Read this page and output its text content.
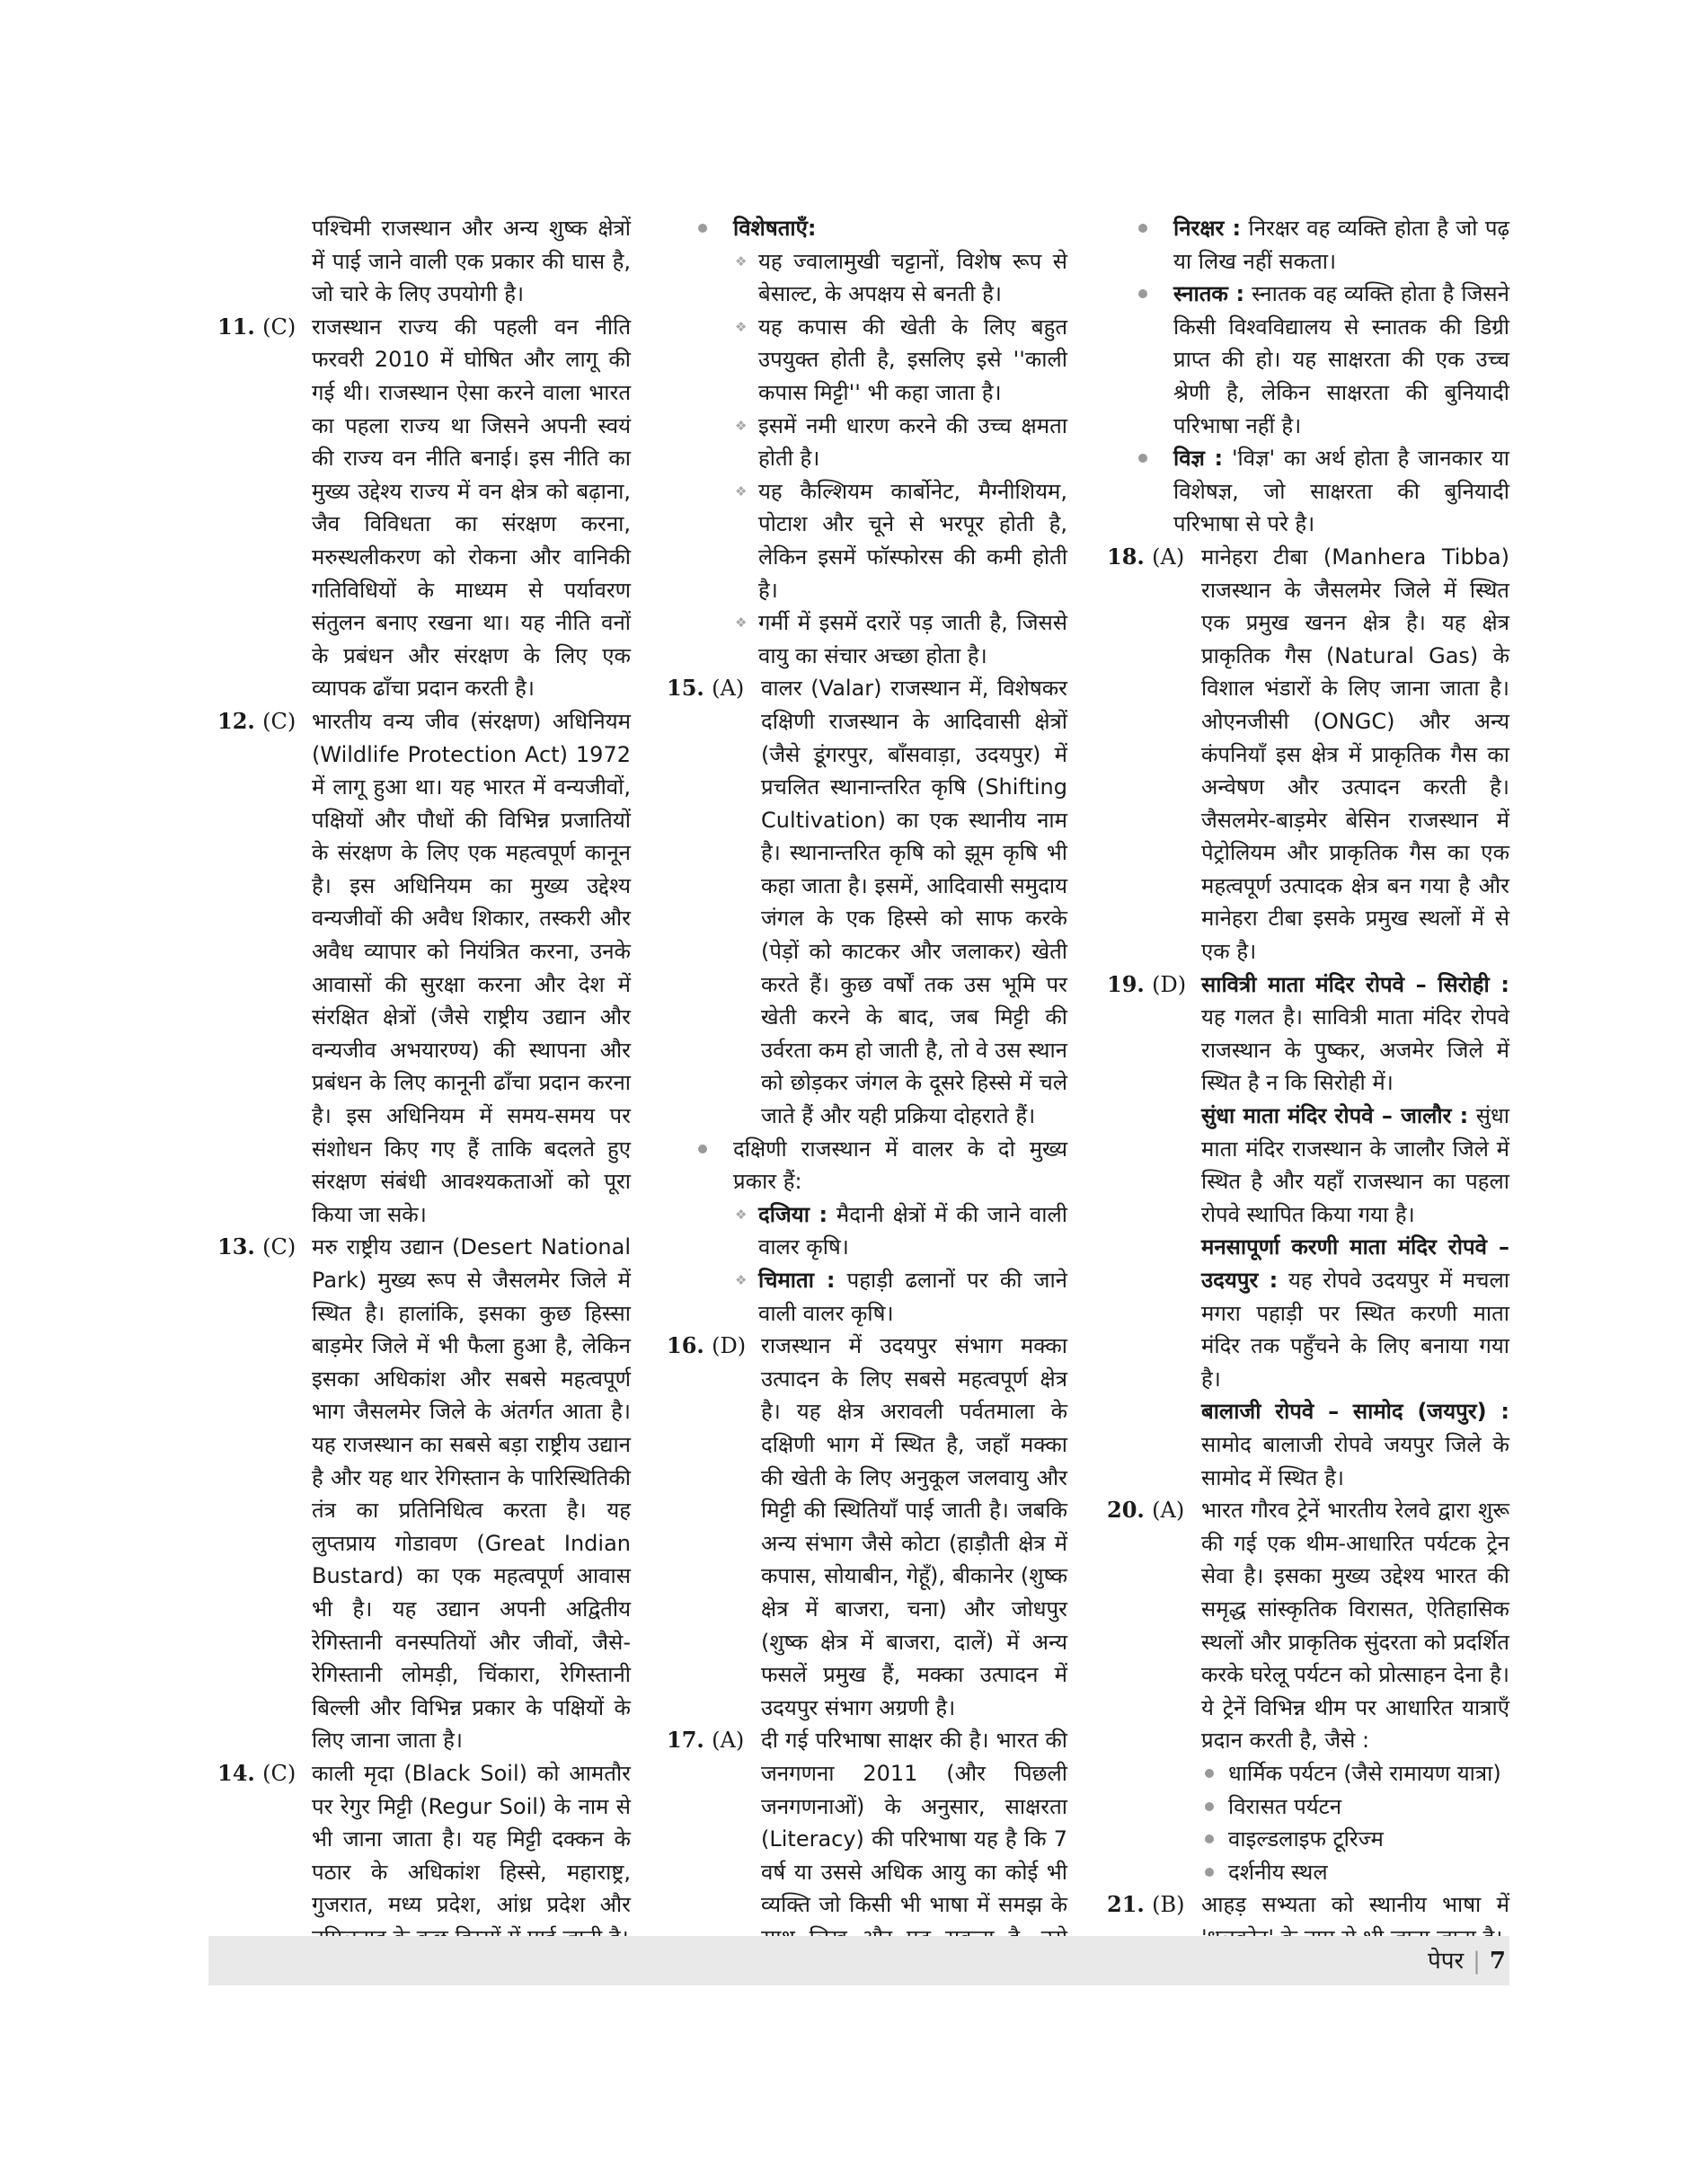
पश्चिमी राजस्थान और अन्य शुष्क क्षेत्रों में पाई जाने वाली एक प्रकार की घास है, जो चारे के लिए उपयोगी है।

11. (C) राजस्थान राज्य की पहली वन नीति फरवरी 2010 में घोषित और लागू की गई थी। राजस्थान ऐसा करने वाला भारत का पहला राज्य था जिसने अपनी स्वयं की राज्य वन नीति बनाई। इस नीति का मुख्य उद्देश्य राज्य में वन क्षेत्र को बढ़ाना, जैव विविधता का संरक्षण करना, मरुस्थलीकरण को रोकना और वानिकी गतिविधियों के माध्यम से पर्यावरण संतुलन बनाए रखना था। यह नीति वनों के प्रबंधन और संरक्षण के लिए एक व्यापक ढाँचा प्रदान करती है।

12. (C) भारतीय वन्य जीव (संरक्षण) अधिनियम (Wildlife Protection Act) 1972 में लागू हुआ था। यह भारत में वन्यजीवों, पक्षियों और पौधों की विभिन्न प्रजातियों के संरक्षण के लिए एक महत्वपूर्ण कानून है। इस अधिनियम का मुख्य उद्देश्य वन्यजीवों की अवैध शिकार, तस्करी और अवैध व्यापार को नियंत्रित करना, उनके आवासों की सुरक्षा करना और देश में संरक्षित क्षेत्रों (जैसे राष्ट्रीय उद्यान और वन्यजीव अभयारण्य) की स्थापना और प्रबंधन के लिए कानूनी ढाँचा प्रदान करना है। इस अधिनियम में समय-समय पर संशोधन किए गए हैं ताकि बदलते हुए संरक्षण संबंधी आवश्यकताओं को पूरा किया जा सके।

13. (C) मरु राष्ट्रीय उद्यान (Desert National Park) मुख्य रूप से जैसलमेर जिले में स्थित है। हालांकि, इसका कुछ हिस्सा बाड़मेर जिले में भी फैला हुआ है, लेकिन इसका अधिकांश और सबसे महत्वपूर्ण भाग जैसलमेर जिले के अंतर्गत आता है। यह राजस्थान का सबसे बड़ा राष्ट्रीय उद्यान है और यह थार रेगिस्तान के पारिस्थितिकी तंत्र का प्रतिनिधित्व करता है। यह लुप्तप्राय गोडावण (Great Indian Bustard) का एक महत्वपूर्ण आवास भी है। यह उद्यान अपनी अद्वितीय रेगिस्तानी वनस्पतियों और जीवों, जैसे-रेगिस्तानी लोमड़ी, चिंकारा, रेगिस्तानी बिल्ली और विभिन्न प्रकार के पक्षियों के लिए जाना जाता है।

14. (C) काली मृदा (Black Soil) को आमतौर पर रेगुर मिट्टी (Regur Soil) के नाम से भी जाना जाता है। यह मिट्टी दक्कन के पठार के अधिकांश हिस्से, महाराष्ट्र, गुजरात, मध्य प्रदेश, आंध्र प्रदेश और

विशेषताएँ:

❖ यह ज्वालामुखी चट्टानों, विशेष रूप से बेसाल्ट, के अपक्षय से बनती है।

❖ यह कपास की खेती के लिए बहुत उपयुक्त होती है, इसलिए इसे ''काली कपास मिट्टी'' भी कहा जाता है।

❖ इसमें नमी धारण करने की उच्च क्षमता होती है।

❖ यह कैल्शियम कार्बोनेट, मैग्नीशियम, पोटाश और चूने से भरपूर होती है, लेकिन इसमें फॉस्फोरस की कमी होती है।

❖ गर्मी में इसमें दरारें पड़ जाती है, जिससे वायु का संचार अच्छा होता है।

15. (A) वालर (Valar) राजस्थान में, विशेषकर दक्षिणी राजस्थान के आदिवासी क्षेत्रों (जैसे डूंगरपुर, बाँसवाड़ा, उदयपुर) में प्रचलित स्थानान्तरित कृषि (Shifting Cultivation) का एक स्थानीय नाम है। स्थानान्तरित कृषि को झूम कृषि भी कहा जाता है। इसमें, आदिवासी समुदाय जंगल के एक हिस्से को साफ करके (पेड़ों को काटकर और जलाकर) खेती करते हैं। कुछ वर्षों तक उस भूमि पर खेती करने के बाद, जब मिट्टी की उर्वरता कम हो जाती है, तो वे उस स्थान को छोड़कर जंगल के दूसरे हिस्से में चले जाते हैं और यही प्रक्रिया दोहराते हैं।

दक्षिणी राजस्थान में वालर के दो मुख्य प्रकार हैं:

❖ दजिया : मैदानी क्षेत्रों में की जाने वाली वालर कृषि।

❖ चिमाता : पहाड़ी ढलानों पर की जाने वाली वालर कृषि।

16. (D) राजस्थान में उदयपुर संभाग मक्का उत्पादन के लिए सबसे महत्वपूर्ण क्षेत्र है। यह क्षेत्र अरावली पर्वतमाला के दक्षिणी भाग में स्थित है, जहाँ मक्का की खेती के लिए अनुकूल जलवायु और मिट्टी की स्थितियाँ पाई जाती है। जबकि अन्य संभाग जैसे कोटा (हाड़ौती क्षेत्र में कपास, सोयाबीन, गेहूँ), बीकानेर (शुष्क क्षेत्र में बाजरा, चना) और जोधपुर (शुष्क क्षेत्र में बाजरा, दालें) में अन्य फसलें प्रमुख हैं, मक्का उत्पादन में उदयपुर संभाग अग्रणी है।

17. (A) दी गई परिभाषा साक्षर की है। भारत की जनगणना 2011 (और पिछली जनगणनाओं) के अनुसार, साक्षरता (Literacy) की परिभाषा यह है कि 7 वर्ष या उससे अधिक आयु का कोई भी व्यक्ति जो किसी भी भाषा में समझ के

निरक्षर : निरक्षर वह व्यक्ति होता है जो पढ़ या लिख नहीं सकता।

स्नातक : स्नातक वह व्यक्ति होता है जिसने किसी विश्वविद्यालय से स्नातक की डिग्री प्राप्त की हो। यह साक्षरता की एक उच्च श्रेणी है, लेकिन साक्षरता की बुनियादी परिभाषा नहीं है।

विज्ञ : 'विज्ञ' का अर्थ होता है जानकार या विशेषज्ञ, जो साक्षरता की बुनियादी परिभाषा से परे है।

18. (A) मानेहरा टीबा (Manhera Tibba) राजस्थान के जैसलमेर जिले में स्थित एक प्रमुख खनन क्षेत्र है। यह क्षेत्र प्राकृतिक गैस (Natural Gas) के विशाल भंडारों के लिए जाना जाता है। ओएनजीसी (ONGC) और अन्य कंपनियाँ इस क्षेत्र में प्राकृतिक गैस का अन्वेषण और उत्पादन करती है। जैसलमेर-बाड़मेर बेसिन राजस्थान में पेट्रोलियम और प्राकृतिक गैस का एक महत्वपूर्ण उत्पादक क्षेत्र बन गया है और मानेहरा टीबा इसके प्रमुख स्थलों में से एक है।

19. (D) सावित्री माता मंदिर रोपवे – सिरोही : यह गलत है। सावित्री माता मंदिर रोपवे राजस्थान के पुष्कर, अजमेर जिले में स्थित है न कि सिरोही में।

सुंधा माता मंदिर रोपवे – जालौर : सुंधा माता मंदिर राजस्थान के जालौर जिले में स्थित है और यहाँ राजस्थान का पहला रोपवे स्थापित किया गया है।

मनसापूर्णा करणी माता मंदिर रोपवे – उदयपुर : यह रोपवे उदयपुर में मचला मगरा पहाड़ी पर स्थित करणी माता मंदिर तक पहुँचने के लिए बनाया गया है।

बालाजी रोपवे – सामोद (जयपुर) : सामोद बालाजी रोपवे जयपुर जिले के सामोद में स्थित है।

20. (A) भारत गौरव ट्रेनें भारतीय रेलवे द्वारा शुरू की गई एक थीम-आधारित पर्यटक ट्रेन सेवा है। इसका मुख्य उद्देश्य भारत की समृद्ध सांस्कृतिक विरासत, ऐतिहासिक स्थलों और प्राकृतिक सुंदरता को प्रदर्शित करके घरेलू पर्यटन को प्रोत्साहन देना है। ये ट्रेनें विभिन्न थीम पर आधारित यात्राएँ प्रदान करती है, जैसे :

धार्मिक पर्यटन (जैसे रामायण यात्रा)

विरासत पर्यटन

वाइल्डलाइफ टूरिज्म

दर्शनीय स्थल

21. (B) आहड़ सभ्यता को स्थानीय भाषा में

पेपर | 7
